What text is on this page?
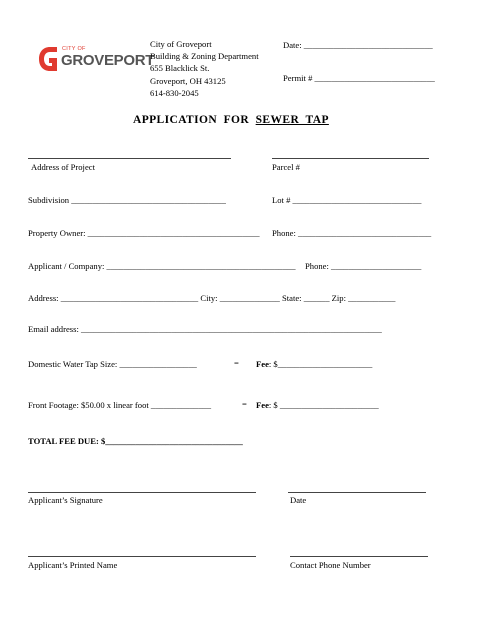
CITY OF
GROVEPORT
City of Groveport
Building & Zoning Department
655 Blacklick St.
Groveport, OH 43125
614-830-2045
Date: ______________________________
Permit # ____________________________
APPLICATION  FOR  SEWER  TAP
Address of Project	Parcel #
Subdivision ____________________________________	Lot # ______________________________
Property Owner: ________________________________________ Phone: _______________________________
Applicant / Company: ____________________________________________ Phone: _____________________
Address: ________________________________ City: ______________ State: ______ Zip: ___________
Email address: ______________________________________________________________________
Domestic Water Tap Size: __________________	= Fee: $______________________
Front Footage: $50.00 x linear foot ______________	= Fee: $ _______________________
TOTAL FEE DUE: $________________________________
Applicant’s Signature	Date
Applicant’s Printed Name	Contact Phone Number
